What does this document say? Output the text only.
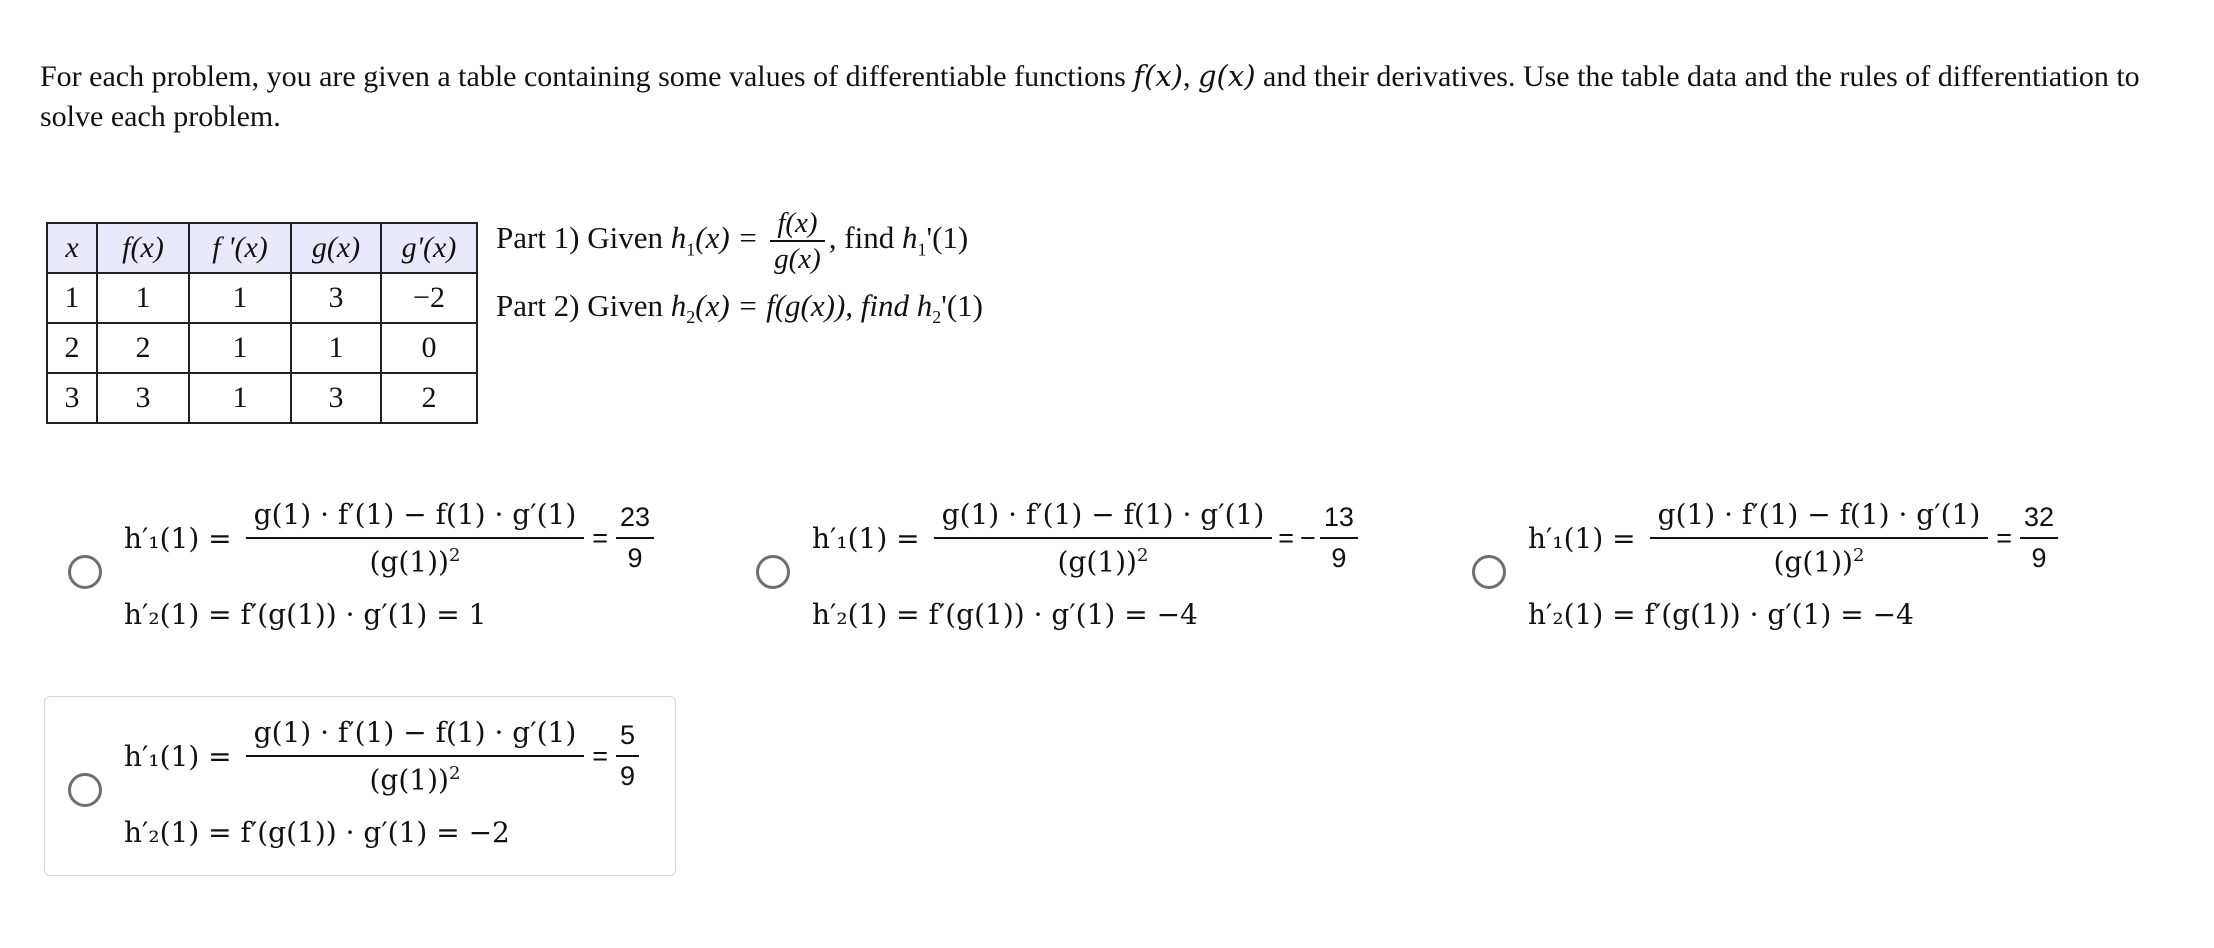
For each problem, you are given a table containing some values of differentiable functions f(x), g(x) and their derivatives. Use the table data and the rules of differentiation to solve each problem.
x	f(x)	f '(x)	g(x)	g'(x)
1	1	1	3	−2
2	2	1	1	0
3	3	1	3	2
Part 1) Given $h_1(x) = \frac{f(x)}{g(x)}$ , find $h_1'(1)$
Part 2) Given $h_2(x) = f(g(x))$, find $h_2'(1)$
$h'_1(1) = \frac{g(1) \cdot f'(1) - f(1) \cdot g'(1)}{(g(1))^2} = \frac{23}{9}$
h′₂(1) = f′(g(1)) · g′(1) = 1
$h'_1(1) = \frac{g(1) \cdot f'(1) - f(1) \cdot g'(1)}{(g(1))^2}$ = − $\frac{13}{9}$
h′₂(1) = f′(g(1)) · g′(1) = −4
$h'_1(1) = \frac{g(1) \cdot f'(1) - f(1) \cdot g'(1)}{(g(1))^2} = \frac{32}{9}$
h′₂(1) = f′(g(1)) · g′(1) = −4
$h'_1(1) = \frac{g(1) \cdot f'(1) - f(1) \cdot g'(1)}{(g(1))^2} = \frac{5}{9}$
h′₂(1) = f′(g(1)) · g′(1) = −2
